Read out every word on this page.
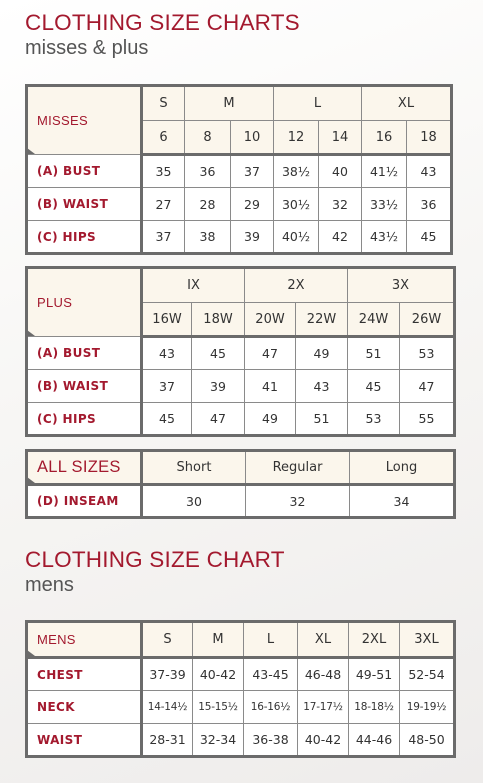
CLOTHING SIZE CHARTS
misses & plus
MISSES	S	M		L		XL	
	6	8	10	12	14	16	18
(A) BUST	35	36	37	38½	40	41½	43
(B) WAIST	27	28	29	30½	32	33½	36
(C) HIPS	37	38	39	40½	42	43½	45
PLUS	IX		2X		3X	
	16W	18W	20W	22W	24W	26W
(A) BUST	43	45	47	49	51	53
(B) WAIST	37	39	41	43	45	47
(C) HIPS	45	47	49	51	53	55
ALL SIZES	Short	Regular	Long
(D) INSEAM	30	32	34
CLOTHING SIZE CHART
mens
MENS	S	M	L	XL	2XL	3XL
CHEST	37-39	40-42	43-45	46-48	49-51	52-54
NECK	14-14½	15-15½	16-16½	17-17½	18-18½	19-19½
WAIST	28-31	32-34	36-38	40-42	44-46	48-50
